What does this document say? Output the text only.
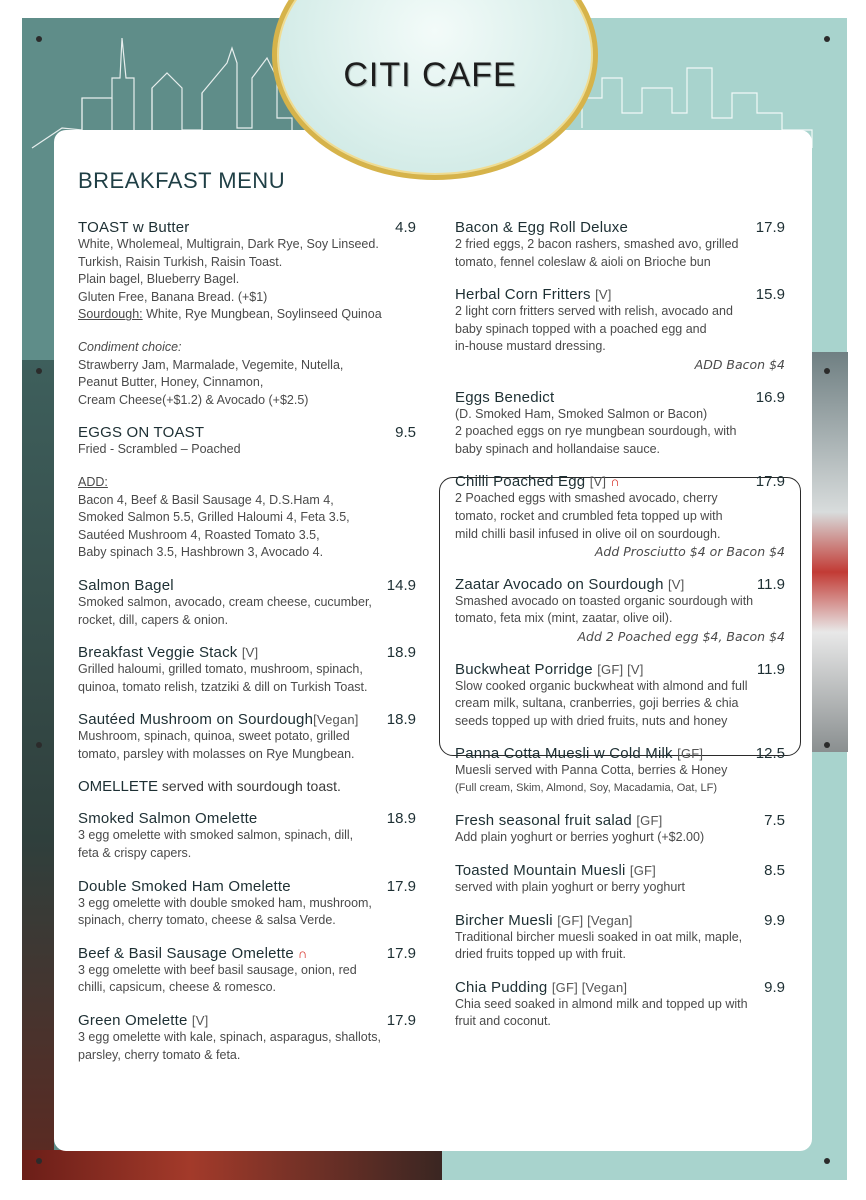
CITI CAFE
BREAKFAST MENU
TOAST w Butter	4.9
White, Wholemeal, Multigrain, Dark Rye, Soy Linseed.
Turkish, Raisin Turkish, Raisin Toast.
Plain bagel, Blueberry Bagel.
Gluten Free, Banana Bread. (+$1)
Sourdough: White, Rye Mungbean, Soylinseed Quinoa
Condiment choice:
Strawberry Jam, Marmalade, Vegemite, Nutella,
Peanut Butter, Honey, Cinnamon,
Cream Cheese(+$1.2) & Avocado (+$2.5)
EGGS ON TOAST	9.5
Fried - Scrambled – Poached
ADD:
Bacon 4, Beef & Basil Sausage 4, D.S.Ham 4,
Smoked Salmon 5.5, Grilled Haloumi 4, Feta 3.5,
Sautéed Mushroom 4, Roasted Tomato 3.5,
Baby spinach 3.5, Hashbrown 3, Avocado 4.
Salmon Bagel	14.9
Smoked salmon, avocado, cream cheese, cucumber,
rocket, dill, capers & onion.
Breakfast Veggie Stack [V]	18.9
Grilled haloumi, grilled tomato, mushroom, spinach,
quinoa, tomato relish, tzatziki & dill on Turkish Toast.
Sautéed Mushroom on Sourdough[Vegan] 18.9
Mushroom, spinach, quinoa, sweet potato, grilled
tomato, parsley with molasses on Rye Mungbean.
OMELLETE served with sourdough toast.
Smoked Salmon Omelette	18.9
3 egg omelette with smoked salmon, spinach, dill,
feta & crispy capers.
Double Smoked Ham Omelette	17.9
3 egg omelette with double smoked ham, mushroom,
spinach, cherry tomato, cheese & salsa Verde.
Beef & Basil Sausage Omelette ∩	17.9
3 egg omelette with beef basil sausage, onion, red
chilli, capsicum, cheese & romesco.
Green Omelette [V]	17.9
3 egg omelette with kale, spinach, asparagus, shallots,
parsley, cherry tomato & feta.
Bacon & Egg Roll Deluxe	17.9
2 fried eggs, 2 bacon rashers, smashed avo, grilled
tomato, fennel coleslaw & aioli on Brioche bun
Herbal Corn Fritters [V]	15.9
2 light corn fritters served with relish, avocado and
baby spinach topped with a poached egg and
in-house mustard dressing.
ADD Bacon $4
Eggs Benedict	16.9
(D. Smoked Ham, Smoked Salmon or Bacon)
2 poached eggs on rye mungbean sourdough, with
baby spinach and hollandaise sauce.
Chilli Poached Egg [V] ∩	17.9
2 Poached eggs with smashed avocado, cherry
tomato, rocket and crumbled feta topped up with
mild chilli basil infused in olive oil on sourdough.
Add Prosciutto $4 or Bacon $4
Zaatar Avocado on Sourdough [V]	11.9
Smashed avocado on toasted organic sourdough with
tomato, feta mix (mint, zaatar, olive oil).
Add 2 Poached egg $4, Bacon $4
Buckwheat Porridge [GF] [V]	11.9
Slow cooked organic buckwheat with almond and full
cream milk, sultana, cranberries, goji berries & chia
seeds topped up with dried fruits, nuts and honey
Panna Cotta Muesli w Cold Milk [GF]	12.5
Muesli served with Panna Cotta, berries & Honey
(Full cream, Skim, Almond, Soy, Macadamia, Oat, LF)
Fresh seasonal fruit salad [GF]	7.5
Add plain yoghurt or berries yoghurt (+$2.00)
Toasted Mountain Muesli [GF]	8.5
served with plain yoghurt or berry yoghurt
Bircher Muesli [GF] [Vegan]	9.9
Traditional bircher muesli soaked in oat milk, maple,
dried fruits topped up with fruit.
Chia Pudding [GF] [Vegan]	9.9
Chia seed soaked in almond milk and topped up with
fruit and coconut.
